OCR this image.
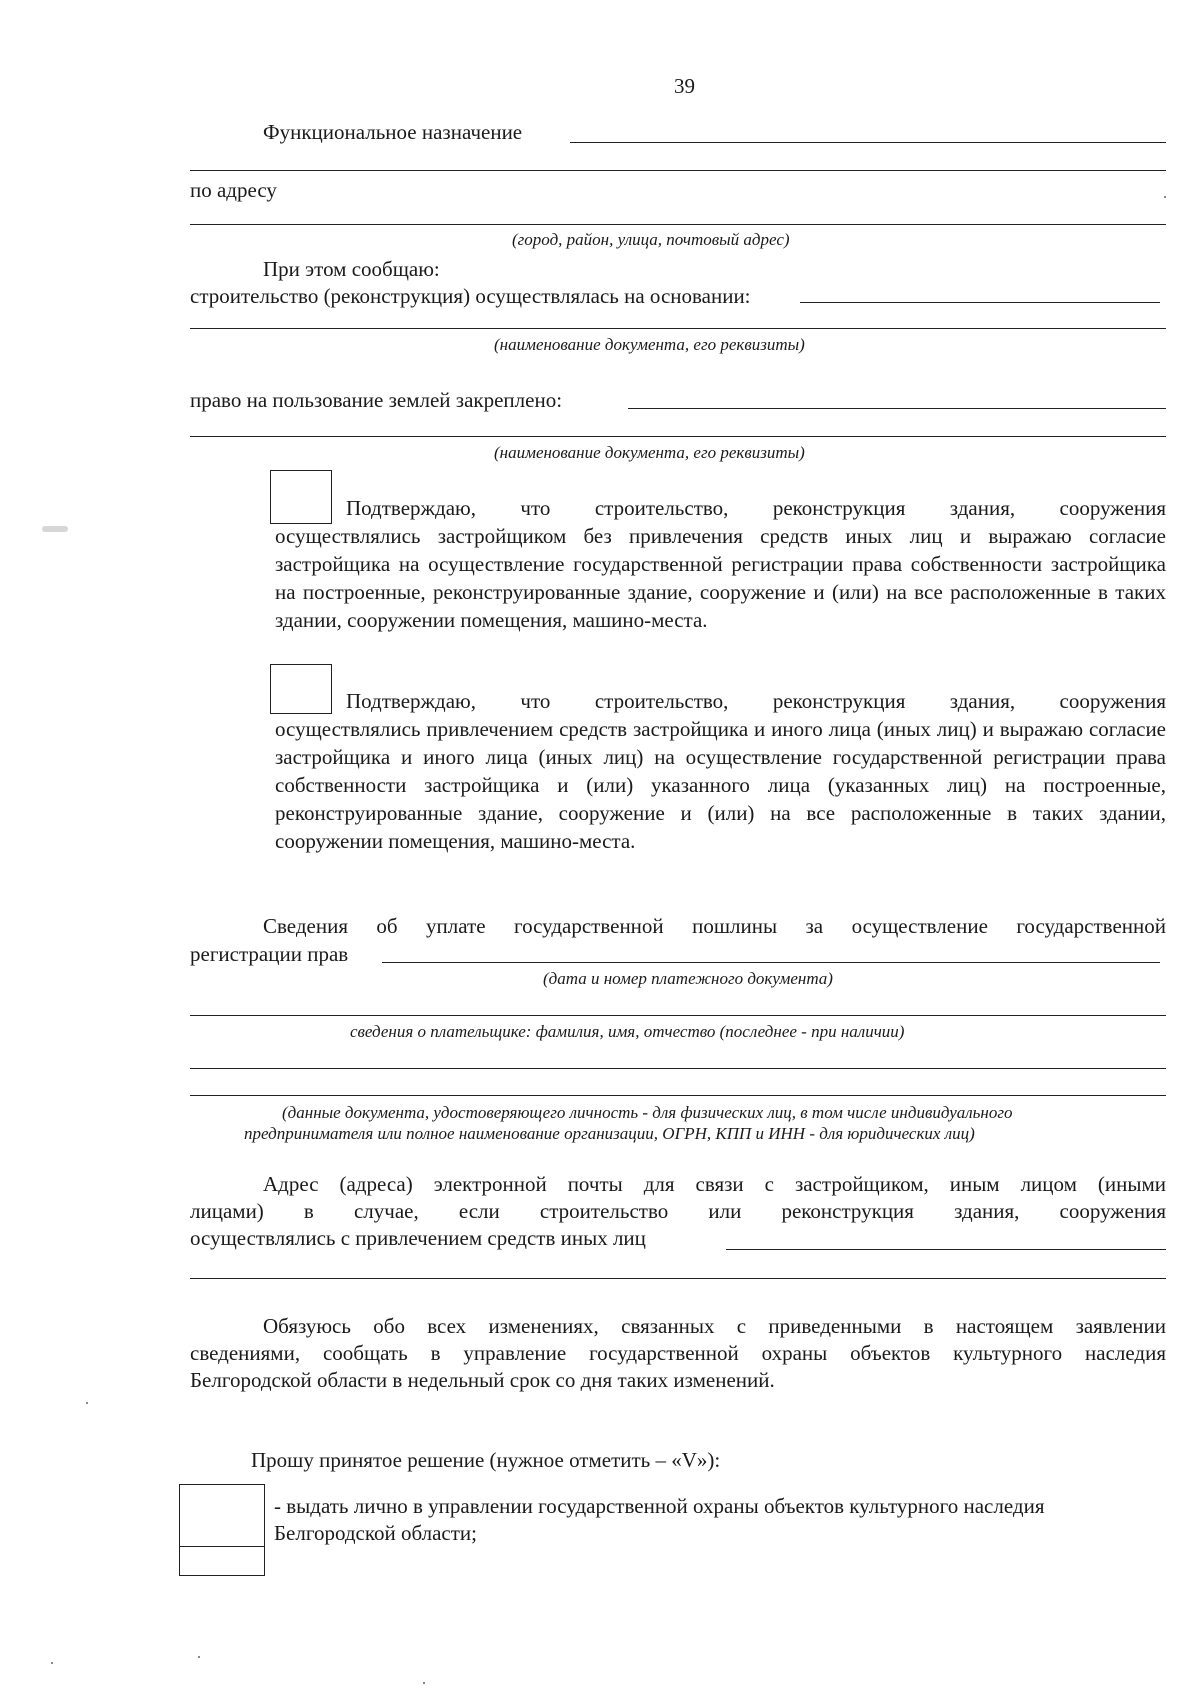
39
Функциональное назначение
по адресу
(город, район, улица, почтовый адрес)
При этом сообщаю:
строительство (реконструкция) осуществлялась на основании:
(наименование документа, его реквизиты)
право на пользование землей закреплено:
(наименование документа, его реквизиты)
Подтверждаю, что строительство, реконструкция здания, сооружения
осуществлялись застройщиком без привлечения средств иных лиц и выражаю согласие застройщика на осуществление государственной регистрации права собственности застройщика на построенные, реконструированные здание, сооружение и (или) на все расположенные в таких здании, сооружении помещения, машино-места.
Подтверждаю, что строительство, реконструкция здания, сооружения
осуществлялись привлечением средств застройщика и иного лица (иных лиц) и выражаю согласие застройщика и иного лица (иных лиц) на осуществление государственной регистрации права собственности застройщика и (или) указанного лица (указанных лиц) на построенные, реконструированные здание, сооружение и (или) на все расположенные в таких здании, сооружении помещения, машино-места.
Сведения об уплате государственной пошлины за осуществление государственной
регистрации прав
(дата и номер платежного документа)
сведения о плательщике: фамилия, имя, отчество (последнее - при наличии)
(данные документа, удостоверяющего личность - для физических лиц, в том числе индивидуального
предпринимателя или полное наименование организации, ОГРН, КПП и ИНН - для юридических лиц)
Адрес (адреса) электронной почты для связи с застройщиком, иным лицом (иными
лицами) в случае, если строительство или реконструкция здания, сооружения
осуществлялись с привлечением средств иных лиц
Обязуюсь обо всех изменениях, связанных с приведенными в настоящем заявлении
сведениями, сообщать в управление государственной охраны объектов культурного наследия
Белгородской области в недельный срок со дня таких изменений.
Прошу принятое решение (нужное отметить – «V»):
- выдать лично в управлении государственной охраны объектов культурного наследия
Белгородской области;
